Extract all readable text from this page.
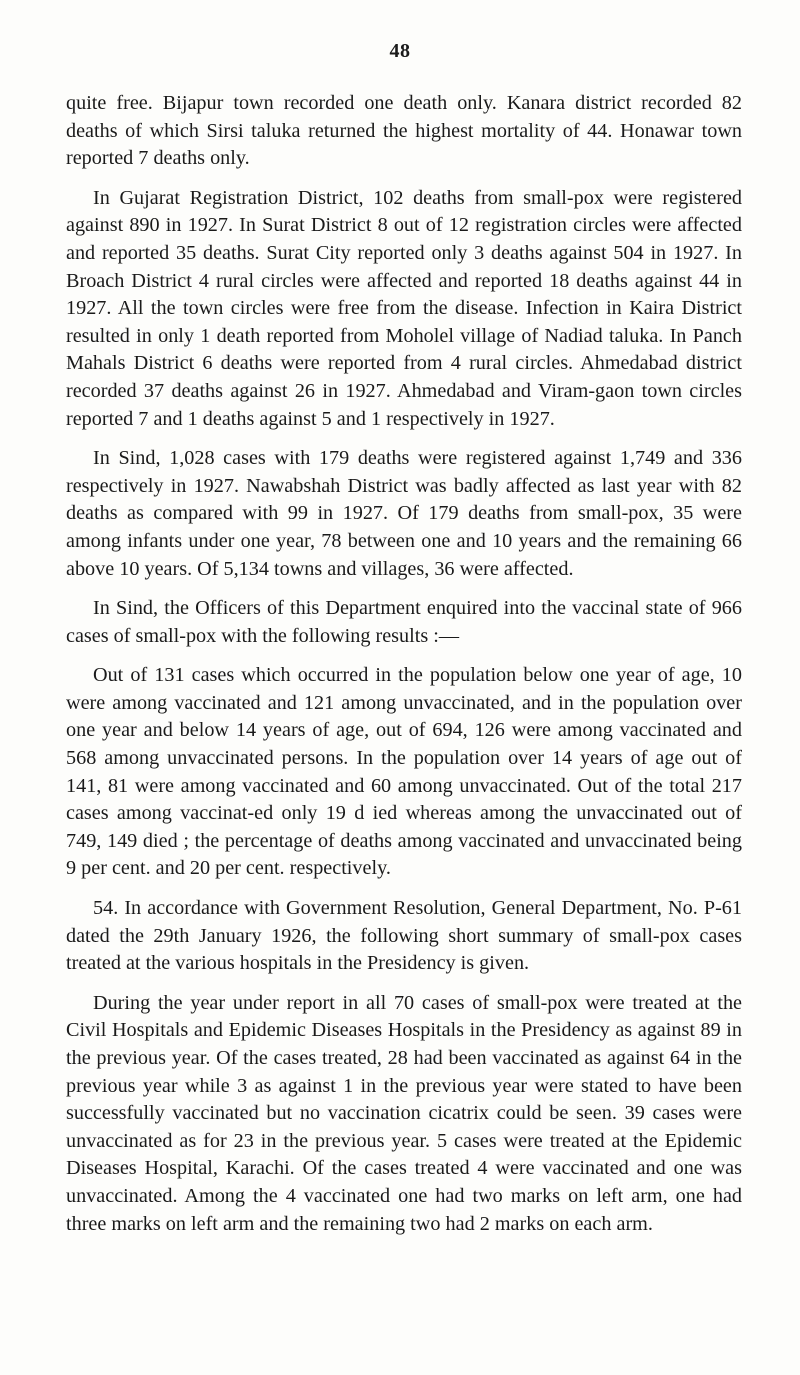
48

quite free. Bijapur town recorded one death only. Kanara district recorded 82 deaths of which Sirsi taluka returned the highest mortality of 44. Honawar town reported 7 deaths only.

In Gujarat Registration District, 102 deaths from small-pox were registered against 890 in 1927. In Surat District 8 out of 12 registration circles were affected and reported 35 deaths. Surat City reported only 3 deaths against 504 in 1927. In Broach District 4 rural circles were affected and reported 18 deaths against 44 in 1927. All the town circles were free from the disease. Infection in Kaira District resulted in only 1 death reported from Moholel village of Nadiad taluka. In Panch Mahals District 6 deaths were reported from 4 rural circles. Ahmedabad district recorded 37 deaths against 26 in 1927. Ahmedabad and Viram-gaon town circles reported 7 and 1 deaths against 5 and 1 respectively in 1927.

In Sind, 1,028 cases with 179 deaths were registered against 1,749 and 336 respectively in 1927. Nawabshah District was badly affected as last year with 82 deaths as compared with 99 in 1927. Of 179 deaths from small-pox, 35 were among infants under one year, 78 between one and 10 years and the remaining 66 above 10 years. Of 5,134 towns and villages, 36 were affected.

In Sind, the Officers of this Department enquired into the vaccinal state of 966 cases of small-pox with the following results :—

Out of 131 cases which occurred in the population below one year of age, 10 were among vaccinated and 121 among unvaccinated, and in the population over one year and below 14 years of age, out of 694, 126 were among vaccinated and 568 among unvaccinated persons. In the population over 14 years of age out of 141, 81 were among vaccinated and 60 among unvaccinated. Out of the total 217 cases among vaccinat-ed only 19 d ied whereas among the unvaccinated out of 749, 149 died ; the percentage of deaths among vaccinated and unvaccinated being 9 per cent. and 20 per cent. respectively.

54. In accordance with Government Resolution, General Department, No. P-61 dated the 29th January 1926, the following short summary of small-pox cases treated at the various hospitals in the Presidency is given.

During the year under report in all 70 cases of small-pox were treated at the Civil Hospitals and Epidemic Diseases Hospitals in the Presidency as against 89 in the previous year. Of the cases treated, 28 had been vaccinated as against 64 in the previous year while 3 as against 1 in the previous year were stated to have been successfully vaccinated but no vaccination cicatrix could be seen. 39 cases were unvaccinated as for 23 in the previous year. 5 cases were treated at the Epidemic Diseases Hospital, Karachi. Of the cases treated 4 were vaccinated and one was unvaccinated. Among the 4 vaccinated one had two marks on left arm, one had three marks on left arm and the remaining two had 2 marks on each arm.
